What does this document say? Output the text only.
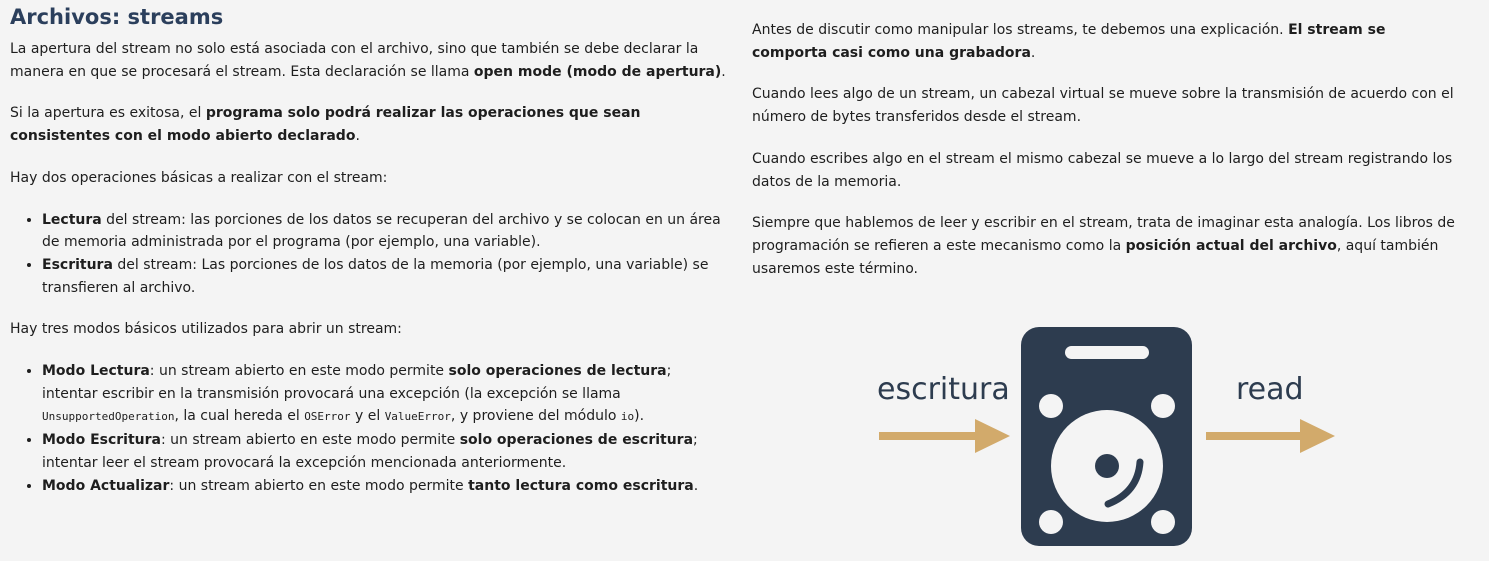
Archivos: streams

La apertura del stream no solo está asociada con el archivo, sino que también se debe declarar la manera en que se procesará el stream. Esta declaración se llama open mode (modo de apertura).

Si la apertura es exitosa, el programa solo podrá realizar las operaciones que sean consistentes con el modo abierto declarado.

Hay dos operaciones básicas a realizar con el stream:

• Lectura del stream: las porciones de los datos se recuperan del archivo y se colocan en un área de memoria administrada por el programa (por ejemplo, una variable).
• Escritura del stream: Las porciones de los datos de la memoria (por ejemplo, una variable) se transfieren al archivo.

Hay tres modos básicos utilizados para abrir un stream:

• Modo Lectura: un stream abierto en este modo permite solo operaciones de lectura; intentar escribir en la transmisión provocará una excepción (la excepción se llama UnsupportedOperation, la cual hereda el OSError y el ValueError, y proviene del módulo io).
• Modo Escritura: un stream abierto en este modo permite solo operaciones de escritura; intentar leer el stream provocará la excepción mencionada anteriormente.
• Modo Actualizar: un stream abierto en este modo permite tanto lectura como escritura.

Antes de discutir como manipular los streams, te debemos una explicación. El stream se comporta casi como una grabadora.

Cuando lees algo de un stream, un cabezal virtual se mueve sobre la transmisión de acuerdo con el número de bytes transferidos desde el stream.

Cuando escribes algo en el stream el mismo cabezal se mueve a lo largo del stream registrando los datos de la memoria.

Siempre que hablemos de leer y escribir en el stream, trata de imaginar esta analogía. Los libros de programación se refieren a este mecanismo como la posición actual del archivo, aquí también usaremos este término.

escritura	read
